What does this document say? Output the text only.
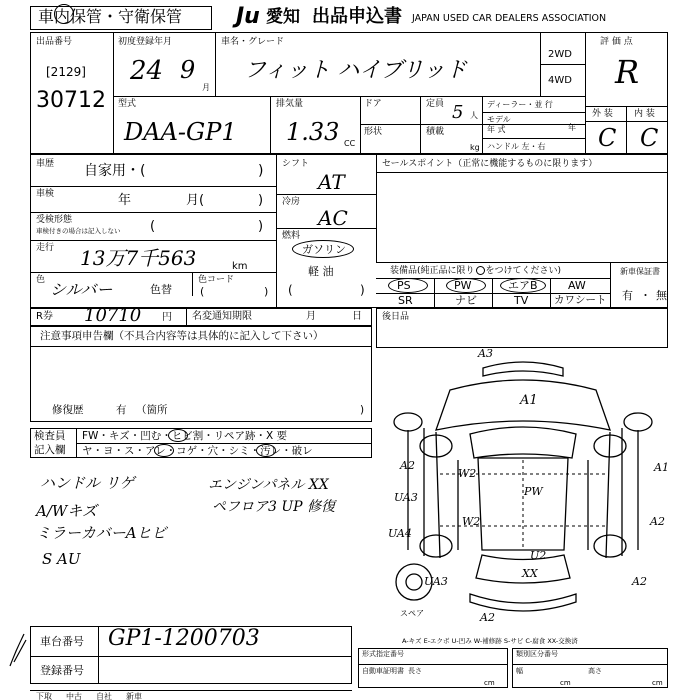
車内保管・守衛保管 Ju 愛知 出品申込書 JAPAN USED CAR DEALERS ASSOCIATION
出品番号
[2129]
30712
初度登録年月
24 9
月
車名・グレード
フィット ハイブリッド
2WD
4WD
評 価 点
R
外 装 内 装
C C
型式
DAA-GP1
排気量
1.33 CC
ドア
形状
定員 5 人
積載
kg
ディーラー・並 行
モデル
年 式	年
ハンドル 左・右
車歴 自家用・(	)
車検	年	月(	)
受検形態
車検付きの場合は記入しない (	)
走行 13万7千563	km
色 シルバー	色替
色コード
(	)
シフト
AT
冷房
AC
燃料
ガソリン
軽 油
(	)
セールスポイント（正常に機能するものに限ります）
装備品(純正品に限り をつけてください)	新車保証書
有 ・ 無
PS	PW	エアB	AW
SR	ナビ	TV カワシート
R券 10710 円 名変通知期限	月	日
注意事項申告欄（不具合内容等は具体的に記入して下さい）
修復歴	有 （箇所	)
後日品
検査員
記入欄
FW・キズ・凹む・ヒビ割・リペア跡・X 要
ヤ・ヨ・ス・アレ・コゲ・穴・シミ・汚レ・破レ
ハンドル リゲ
A/Wキズ
ミラーカバーAヒビ
S AU
エンジンパネル XX
ペフロア3 UP 修復
A3
A1
A2
W2
UA3
UA4
PW
A1
W2	A2
U2
XX
UA3	A2
A2
スペア
A-キズ E-エクボ U-凹み W-補修跡 S-サビ C-腐食 XX-交換済
車台番号 GP1-1200703
登録番号
形式指定番号
自動車証明書 長さ
cm
類別区分番号
幅
cm
高さ
cm
下取 中古 自社 新車
